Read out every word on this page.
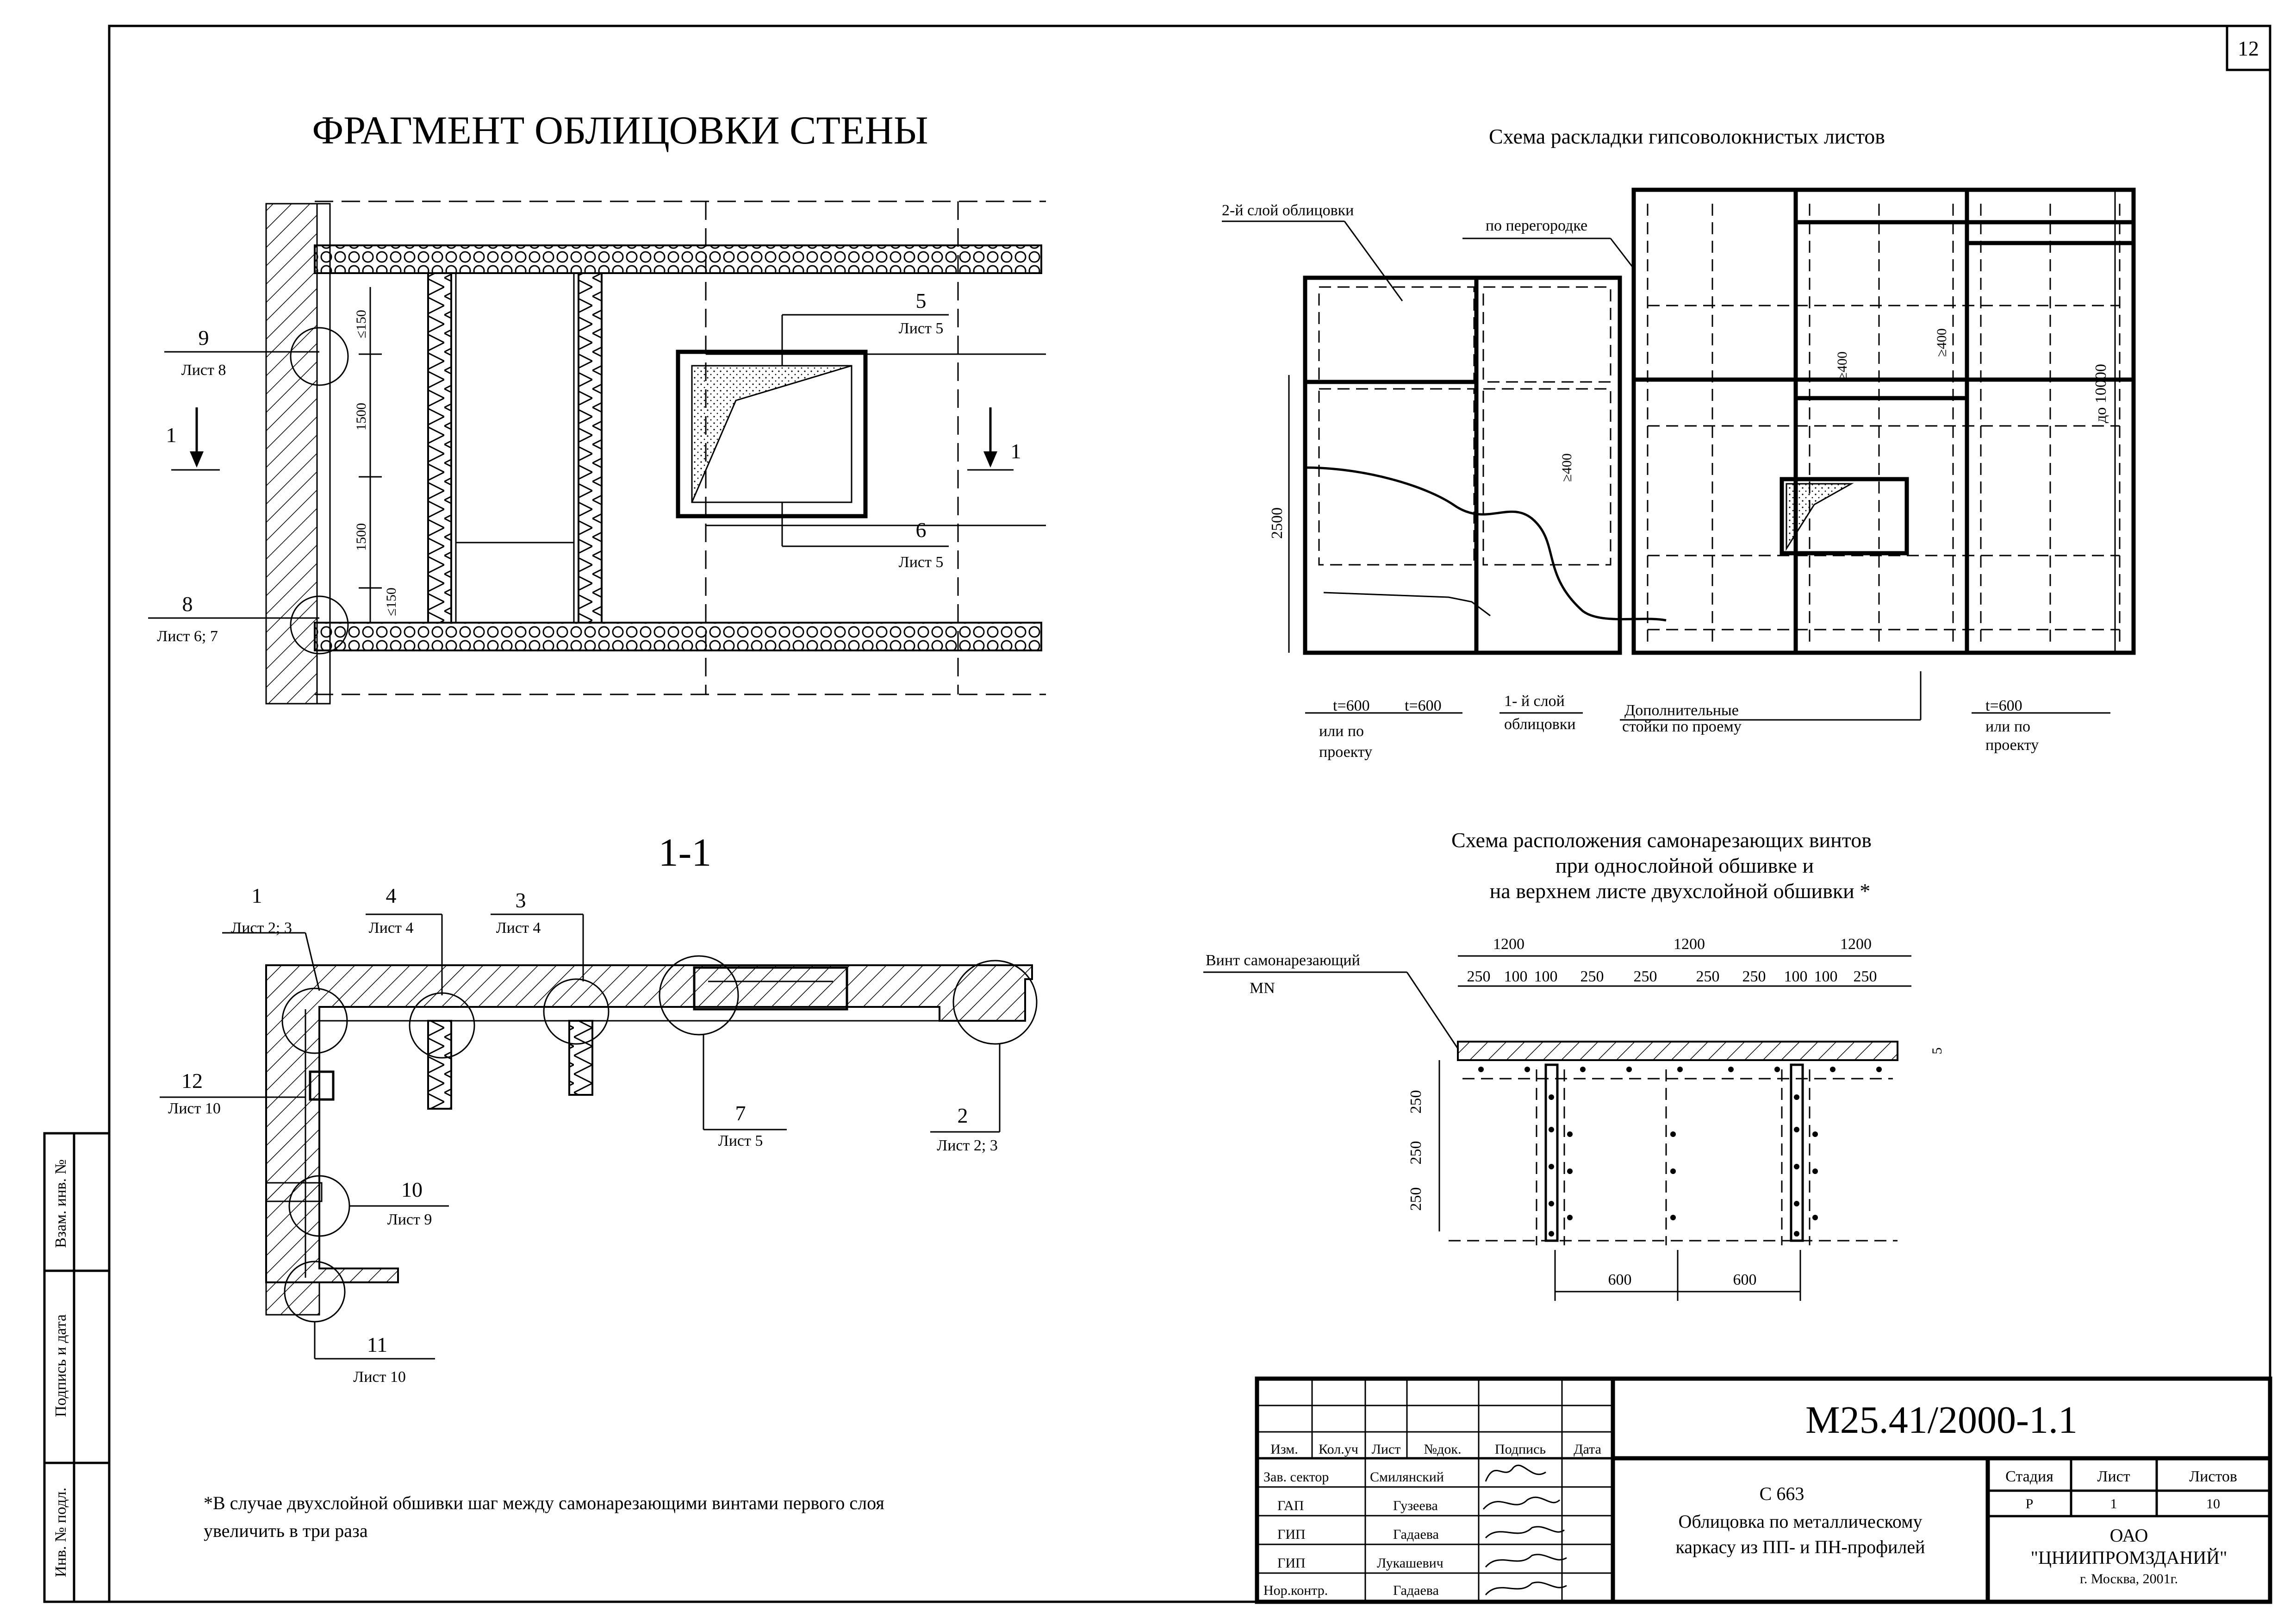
12
ФРАГМЕНТ ОБЛИЦОВКИ СТЕНЫ
≤150
1500
1500
≤150
9
Лист 8
8
Лист 6; 7
5
Лист 5
6
Лист 5
1
1
Схема раскладки гипсоволокнистых листов
2-й слой облицовки
по перегородке
2500
до 10000
≥400
≥400
≥400
t=600 t=600
или по
проекту
1- й слой
облицовки
Дополнительные
стойки по проему
t=600
или по
проекту
1-1
1
Лист 2; 3
4
Лист 4
3
Лист 4
12
Лист 10	7
Лист 5
2
Лист 2; 3
10
Лист 9
11
Лист 10
Схема расположения самонарезающих винтов
при однослойной обшивке и
на верхнем листе двухслойной обшивки *
Винт самонарезающий
MN
1200	1200	1200
250 100 100 250 250 250 250 100 100 250
5
250
250
250
600	600
*В случае двухслойной обшивки шаг между самонарезающими винтами первого слоя
увеличить в три раза
Взам. инв. №
Подпись и дата
Инв. № подл.
Изм. Кол.уч Лист №док. Подпись Дата
Зав. сектор	Смилянский
ГАП	Гузеева
ГИП	Гадаева
ГИП	Лукашевич
Нор.контр.	Гадаева
М25.41/2000-1.1
С 663
Облицовка по металлическому
каркасу из ПП- и ПН-профилей
Стадия	Лист	Листов
Р	1	10
ОАО
"ЦНИИПРОМЗДАНИЙ"
г. Москва, 2001г.
